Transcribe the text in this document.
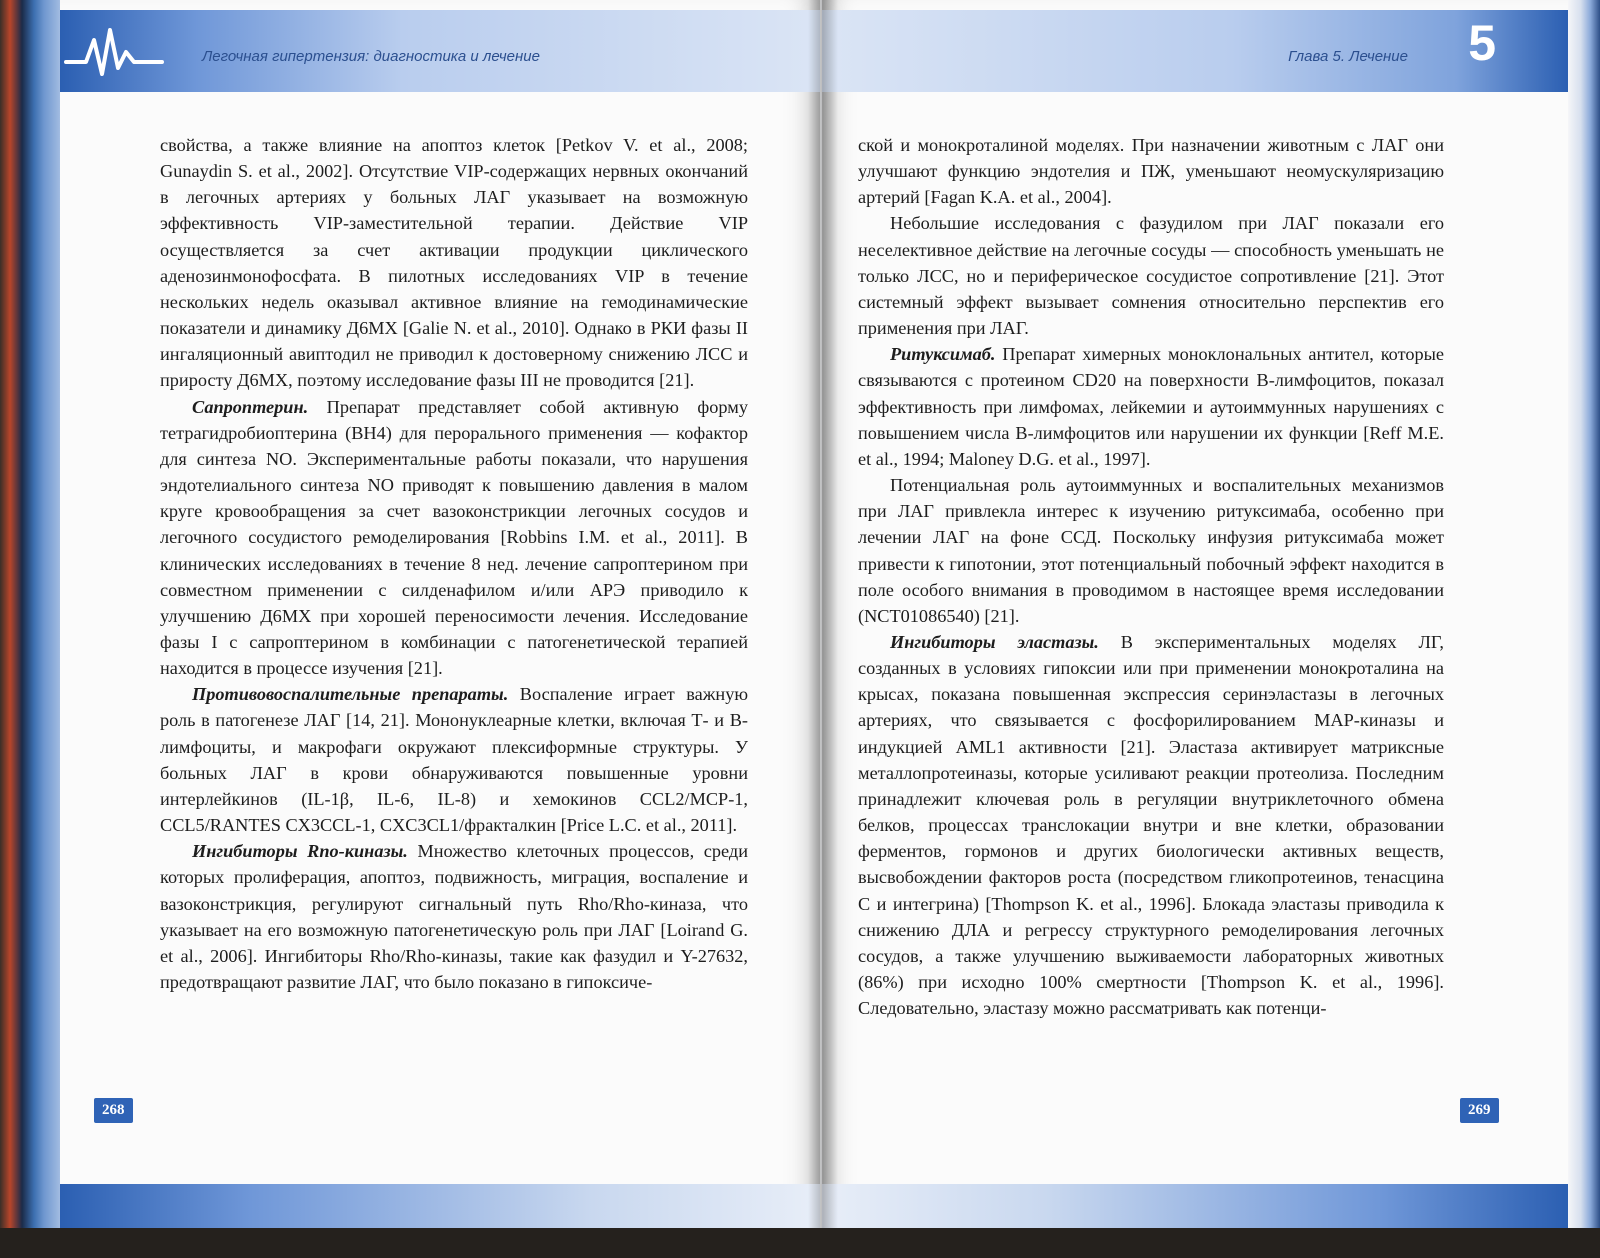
Легочная гипертензия: диагностика и лечение

свойства, а также влияние на апоптоз клеток [Petkov V. et al., 2008; Gunaydin S. et al., 2002]. Отсутствие VIP-содержащих нервных окончаний в легочных артериях у больных ЛАГ указывает на возможную эффективность VIP-заместительной терапии. Действие VIP осуществляется за счет активации продукции циклического аденозинмонофосфата. В пилотных исследованиях VIP в течение нескольких недель оказывал активное влияние на гемодинамические показатели и динамику Д6МХ [Galie N. et al., 2010]. Однако в РКИ фазы II ингаляционный авиптодил не приводил к достоверному снижению ЛСС и приросту Д6МХ, поэтому исследование фазы III не проводится [21].

Сапроптерин. Препарат представляет собой активную форму тетрагидробиоптерина (BH4) для перорального применения — кофактор для синтеза NO. Экспериментальные работы показали, что нарушения эндотелиального синтеза NO приводят к повышению давления в малом круге кровообращения за счет вазоконстрикции легочных сосудов и легочного сосудистого ремоделирования [Robbins I.M. et al., 2011]. В клинических исследованиях в течение 8 нед. лечение сапроптерином при совместном применении с силденафилом и/или АРЭ приводило к улучшению Д6МХ при хорошей переносимости лечения. Исследование фазы I с сапроптерином в комбинации с патогенетической терапией находится в процессе изучения [21].

Противовоспалительные препараты. Воспаление играет важную роль в патогенезе ЛАГ [14, 21]. Мононуклеарные клетки, включая Т- и В-лимфоциты, и макрофаги окружают плексиформные структуры. У больных ЛАГ в крови обнаруживаются повышенные уровни интерлейкинов (IL-1β, IL-6, IL-8) и хемокинов CCL2/MCP-1, CCL5/RANTES CX3CCL-1, CXC3CL1/фракталкин [Price L.C. et al., 2011].

Ингибиторы Rno-киназы. Множество клеточных процессов, среди которых пролиферация, апоптоз, подвижность, миграция, воспаление и вазоконстрикция, регулируют сигнальный путь Rho/Rho-киназа, что указывает на его возможную патогенетическую роль при ЛАГ [Loirand G. et al., 2006]. Ингибиторы Rho/Rho-киназы, такие как фазудил и Y-27632, предотвращают развитие ЛАГ, что было показано в гипоксиче-

268
Глава 5. Лечение 5

ской и монокроталиной моделях. При назначении животным с ЛАГ они улучшают функцию эндотелия и ПЖ, уменьшают неомускуляризацию артерий [Fagan K.A. et al., 2004].

Небольшие исследования с фазудилом при ЛАГ показали его неселективное действие на легочные сосуды — способность уменьшать не только ЛСС, но и периферическое сосудистое сопротивление [21]. Этот системный эффект вызывает сомнения относительно перспектив его применения при ЛАГ.

Ритуксимаб. Препарат химерных моноклональных антител, которые связываются с протеином CD20 на поверхности В-лимфоцитов, показал эффективность при лимфомах, лейкемии и аутоиммунных нарушениях с повышением числа В-лимфоцитов или нарушении их функции [Reff M.E. et al., 1994; Maloney D.G. et al., 1997].

Потенциальная роль аутоиммунных и воспалительных механизмов при ЛАГ привлекла интерес к изучению ритуксимаба, особенно при лечении ЛАГ на фоне ССД. Поскольку инфузия ритуксимаба может привести к гипотонии, этот потенциальный побочный эффект находится в поле особого внимания в проводимом в настоящее время исследовании (NCT01086540) [21].

Ингибиторы эластазы. В экспериментальных моделях ЛГ, созданных в условиях гипоксии или при применении монокроталина на крысах, показана повышенная экспрессия серинэластазы в легочных артериях, что связывается с фосфорилированием MAP-киназы и индукцией AML1 активности [21]. Эластаза активирует матриксные металлопротеиназы, которые усиливают реакции протеолиза. Последним принадлежит ключевая роль в регуляции внутриклеточного обмена белков, процессах транслокации внутри и вне клетки, образовании ферментов, гормонов и других биологически активных веществ, высвобождении факторов роста (посредством гликопротеинов, тенасцина С и интегрина) [Thompson K. et al., 1996]. Блокада эластазы приводила к снижению ДЛА и регрессу структурного ремоделирования легочных сосудов, а также улучшению выживаемости лабораторных животных (86%) при исходно 100% смертности [Thompson K. et al., 1996]. Следовательно, эластазу можно рассматривать как потенци-

269
